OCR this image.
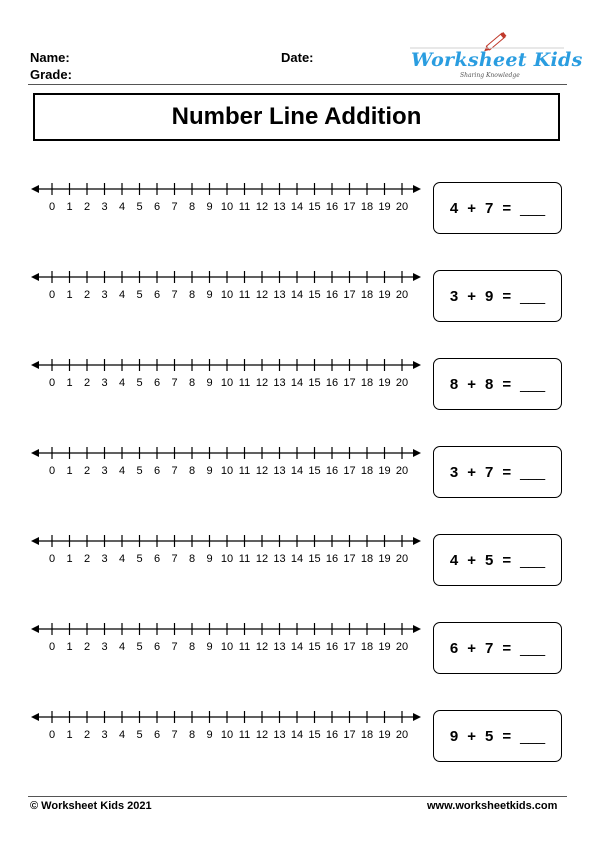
Name:
Grade:
Date:	Worksheet Kids
Sharing Knowledge
Number Line Addition
0 1 2 3 4 5 6 7 8 9 10 11 12 13 14 15 16 17 18 19 20	4 + 7 = ___
0 1 2 3 4 5 6 7 8 9 10 11 12 13 14 15 16 17 18 19 20	3 + 9 = ___
0 1 2 3 4 5 6 7 8 9 10 11 12 13 14 15 16 17 18 19 20	8 + 8 = ___
0 1 2 3 4 5 6 7 8 9 10 11 12 13 14 15 16 17 18 19 20	3 + 7 = ___
0 1 2 3 4 5 6 7 8 9 10 11 12 13 14 15 16 17 18 19 20	4 + 5 = ___
0 1 2 3 4 5 6 7 8 9 10 11 12 13 14 15 16 17 18 19 20	6 + 7 = ___
0 1 2 3 4 5 6 7 8 9 10 11 12 13 14 15 16 17 18 19 20	9 + 5 = ___
© Worksheet Kids 2021	www.worksheetkids.com
